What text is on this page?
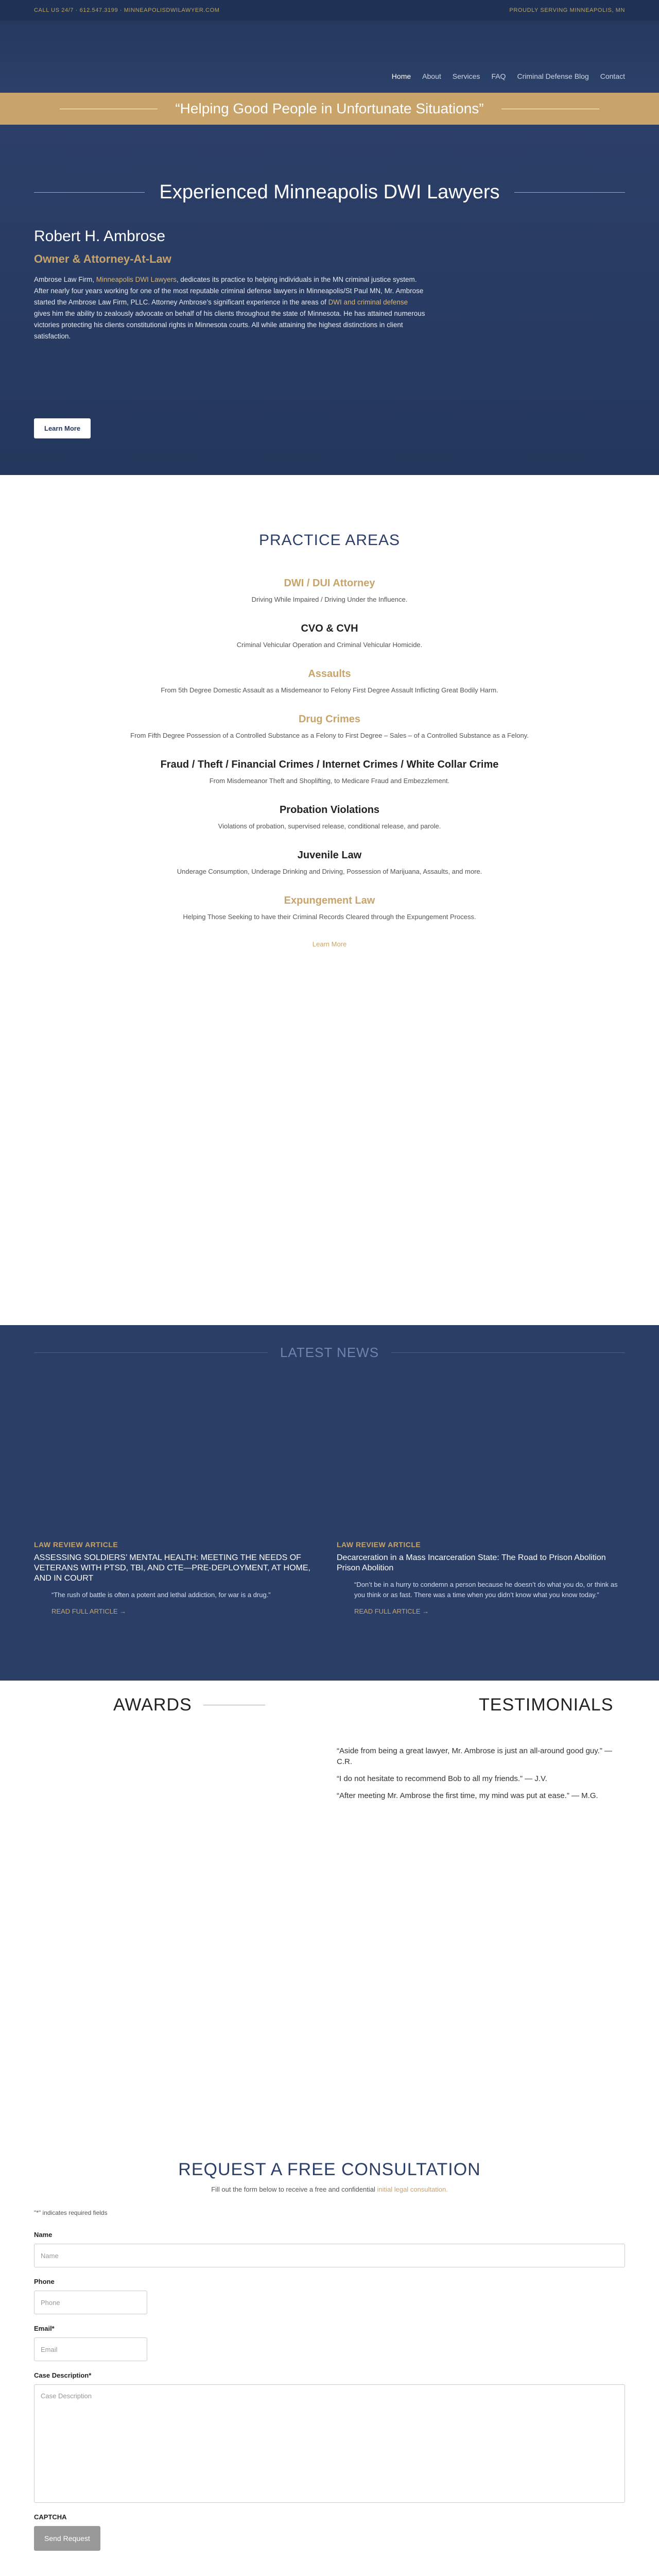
CALL US 24/7 · 612.547.3199 · MINNEAPOLISDWILAWYER.COM	PROUDLY SERVING MINNEAPOLIS, MN
Home About Services FAQ Criminal Defense Blog Contact
“Helping Good People in Unfortunate Situations”
Experienced Minneapolis DWI Lawyers
Robert H. Ambrose
Owner & Attorney-At-Law
Ambrose Law Firm, Minneapolis DWI Lawyers, dedicates its practice to helping individuals in the MN criminal justice system. After nearly four years working for one of the most reputable criminal defense lawyers in Minneapolis/St Paul MN, Mr. Ambrose started the Ambrose Law Firm, PLLC. Attorney Ambrose’s significant experience in the areas of DWI and criminal defense gives him the ability to zealously advocate on behalf of his clients throughout the state of Minnesota. He has attained numerous victories protecting his clients constitutional rights in Minnesota courts. All while attaining the highest distinctions in client satisfaction.
Learn More
PRACTICE AREAS
DWI / DUI Attorney

Driving While Impaired / Driving Under the Influence.

CVO & CVH

Criminal Vehicular Operation and Criminal Vehicular Homicide.

Assaults

From 5th Degree Domestic Assault as a Misdemeanor to Felony First Degree Assault Inflicting Great Bodily Harm.

Drug Crimes

From Fifth Degree Possession of a Controlled Substance as a Felony to First Degree – Sales – of a Controlled Substance as a Felony.

Fraud / Theft / Financial Crimes / Internet Crimes / White Collar Crime

From Misdemeanor Theft and Shoplifting, to Medicare Fraud and Embezzlement.

Probation Violations

Violations of probation, supervised release, conditional release, and parole.

Juvenile Law

Underage Consumption, Underage Drinking and Driving, Possession of Marijuana, Assaults, and more.

Expungement Law

Helping Those Seeking to have their Criminal Records Cleared through the Expungement Process.

Learn More
LATEST NEWS
LAW REVIEW ARTICLE
ASSESSING SOLDIERS’ MENTAL HEALTH: MEETING THE NEEDS OF VETERANS WITH PTSD, TBI, AND CTE—PRE-DEPLOYMENT, AT HOME, AND IN COURT
“The rush of battle is often a potent and lethal addiction, for war is a drug.”
READ FULL ARTICLE →
LAW REVIEW ARTICLE
Decarceration in a Mass Incarceration State: The Road to Prison Abolition Prison Abolition
“Don’t be in a hurry to condemn a person because he doesn’t do what you do, or think as you think or as fast. There was a time when you didn’t know what you know today.”
READ FULL ARTICLE →
AWARDS	TESTIMONIALS

“Aside from being a great lawyer, Mr. Ambrose is just an all-around good guy.” — C.R.

“I do not hesitate to recommend Bob to all my friends.” — J.V.

“After meeting Mr. Ambrose the first time, my mind was put at ease.” — M.G.

REQUEST A FREE CONSULTATION
Fill out the form below to receive a free and confidential initial legal consultation.
"*" indicates required fields
Name
Name
Phone
Phone
Email*
Email
Case Description*
Case Description
CAPTCHA
Send Request
